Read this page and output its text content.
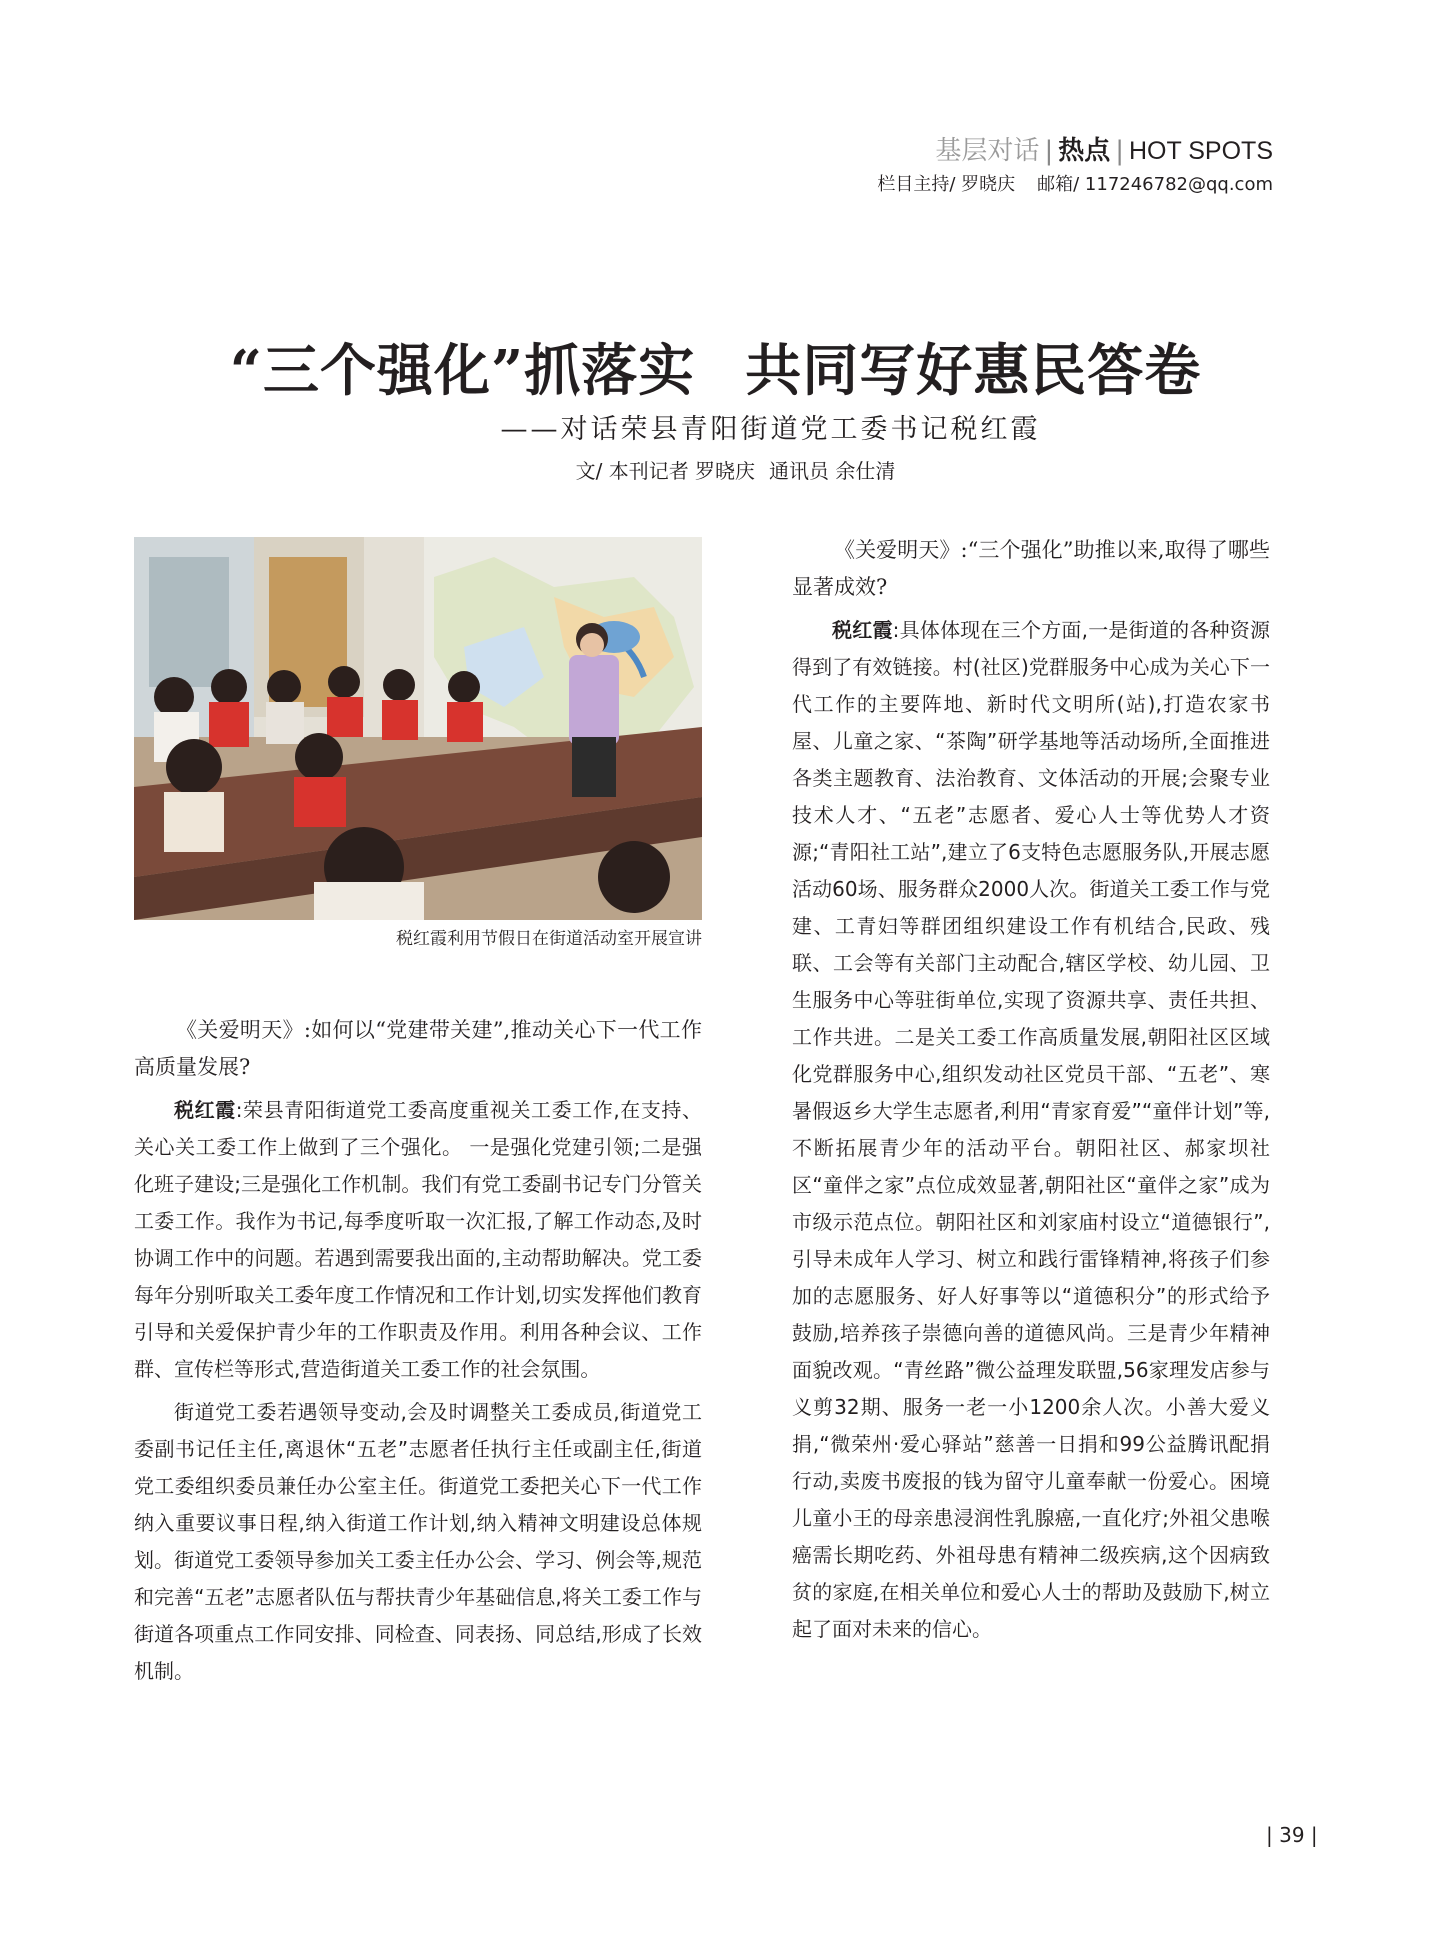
基层对话 | 热点 | HOT SPOTS
栏目主持/ 罗晓庆 邮箱/ 117246782@qq.com
“三个强化”抓落实 共同写好惠民答卷
——对话荣县青阳街道党工委书记税红霞
文/ 本刊记者 罗晓庆 通讯员 余仕清
税红霞利用节假日在街道活动室开展宣讲

《关爱明天》:如何以“党建带关建”,推动关心下一代工作高质量发展?

税红霞:荣县青阳街道党工委高度重视关工委工作,在支持、关心关工委工作上做到了三个强化。 一是强化党建引领;二是强化班子建设;三是强化工作机制。我们有党工委副书记专门分管关工委工作。我作为书记,每季度听取一次汇报,了解工作动态,及时协调工作中的问题。若遇到需要我出面的,主动帮助解决。党工委每年分别听取关工委年度工作情况和工作计划,切实发挥他们教育引导和关爱保护青少年的工作职责及作用。利用各种会议、工作群、宣传栏等形式,营造街道关工委工作的社会氛围。

街道党工委若遇领导变动,会及时调整关工委成员,街道党工委副书记任主任,离退休“五老”志愿者任执行主任或副主任,街道党工委组织委员兼任办公室主任。街道党工委把关心下一代工作纳入重要议事日程,纳入街道工作计划,纳入精神文明建设总体规划。街道党工委领导参加关工委主任办公会、学习、例会等,规范和完善“五老”志愿者队伍与帮扶青少年基础信息,将关工委工作与街道各项重点工作同安排、同检查、同表扬、同总结,形成了长效机制。

《关爱明天》:“三个强化”助推以来,取得了哪些显著成效?

税红霞:具体体现在三个方面,一是街道的各种资源得到了有效链接。村(社区)党群服务中心成为关心下一代工作的主要阵地、新时代文明所(站),打造农家书屋、儿童之家、“茶陶”研学基地等活动场所,全面推进各类主题教育、法治教育、文体活动的开展;会聚专业技术人才、“五老”志愿者、爱心人士等优势人才资源;“青阳社工站”,建立了6支特色志愿服务队,开展志愿活动60场、服务群众2000人次。街道关工委工作与党建、工青妇等群团组织建设工作有机结合,民政、残联、工会等有关部门主动配合,辖区学校、幼儿园、卫生服务中心等驻街单位,实现了资源共享、责任共担、工作共进。二是关工委工作高质量发展,朝阳社区区域化党群服务中心,组织发动社区党员干部、“五老”、寒暑假返乡大学生志愿者,利用“青家育爱”“童伴计划”等,不断拓展青少年的活动平台。朝阳社区、郝家坝社区“童伴之家”点位成效显著,朝阳社区“童伴之家”成为市级示范点位。朝阳社区和刘家庙村设立“道德银行”,引导未成年人学习、树立和践行雷锋精神,将孩子们参加的志愿服务、好人好事等以“道德积分”的形式给予鼓励,培养孩子崇德向善的道德风尚。三是青少年精神面貌改观。“青丝路”微公益理发联盟,56家理发店参与义剪32期、服务一老一小1200余人次。小善大爱义捐,“微荣州·爱心驿站”慈善一日捐和99公益腾讯配捐行动,卖废书废报的钱为留守儿童奉献一份爱心。困境儿童小王的母亲患浸润性乳腺癌,一直化疗;外祖父患喉癌需长期吃药、外祖母患有精神二级疾病,这个因病致贫的家庭,在相关单位和爱心人士的帮助及鼓励下,树立起了面对未来的信心。

| 39 |
